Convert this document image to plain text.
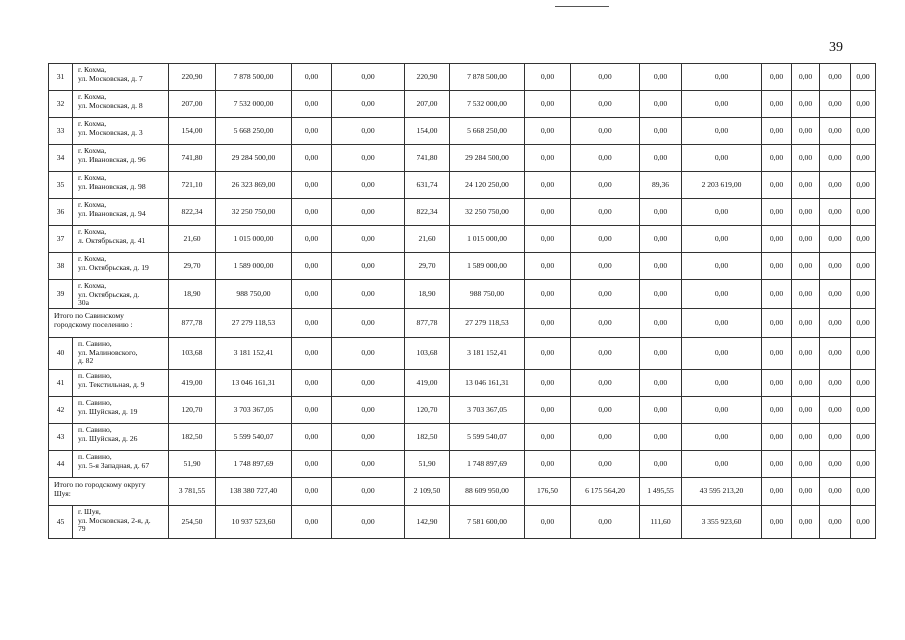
39
31	г. Кохма,
ул. Московская, д. 7	220,90	7 878 500,00	0,00	0,00	220,90	7 878 500,00	0,00	0,00	0,00	0,00	0,00	0,00	0,00	0,00
32	г. Кохма,
ул. Московская, д. 8	207,00	7 532 000,00	0,00	0,00	207,00	7 532 000,00	0,00	0,00	0,00	0,00	0,00	0,00	0,00	0,00
33	г. Кохма,
ул. Московская, д. 3	154,00	5 668 250,00	0,00	0,00	154,00	5 668 250,00	0,00	0,00	0,00	0,00	0,00	0,00	0,00	0,00
34	г. Кохма,
ул. Ивановская, д. 96	741,80	29 284 500,00	0,00	0,00	741,80	29 284 500,00	0,00	0,00	0,00	0,00	0,00	0,00	0,00	0,00
35	г. Кохма,
ул. Ивановская, д. 98	721,10	26 323 869,00	0,00	0,00	631,74	24 120 250,00	0,00	0,00	89,36	2 203 619,00	0,00	0,00	0,00	0,00
36	г. Кохма,
ул. Ивановская, д. 94	822,34	32 250 750,00	0,00	0,00	822,34	32 250 750,00	0,00	0,00	0,00	0,00	0,00	0,00	0,00	0,00
37	г. Кохма,
л. Октябрьская, д. 41	21,60	1 015 000,00	0,00	0,00	21,60	1 015 000,00	0,00	0,00	0,00	0,00	0,00	0,00	0,00	0,00
38	г. Кохма,
ул. Октябрьская, д. 19	29,70	1 589 000,00	0,00	0,00	29,70	1 589 000,00	0,00	0,00	0,00	0,00	0,00	0,00	0,00	0,00
39	г. Кохма,
ул. Октябрьская, д.
30а	18,90	988 750,00	0,00	0,00	18,90	988 750,00	0,00	0,00	0,00	0,00	0,00	0,00	0,00	0,00

Итого по Савинскому
городскому поселению :		877,78	27 279 118,53	0,00	0,00	877,78	27 279 118,53	0,00	0,00	0,00	0,00	0,00	0,00	0,00	0,00
40	п. Савино,
ул. Малиновского,
д. 82	103,68	3 181 152,41	0,00	0,00	103,68	3 181 152,41	0,00	0,00	0,00	0,00	0,00	0,00	0,00	0,00
41	п. Савино,
ул. Текстильная, д. 9	419,00	13 046 161,31	0,00	0,00	419,00	13 046 161,31	0,00	0,00	0,00	0,00	0,00	0,00	0,00	0,00
42	п. Савино,
ул. Шуйская, д. 19	120,70	3 703 367,05	0,00	0,00	120,70	3 703 367,05	0,00	0,00	0,00	0,00	0,00	0,00	0,00	0,00
43	п. Савино,
ул. Шуйская, д. 26	182,50	5 599 540,07	0,00	0,00	182,50	5 599 540,07	0,00	0,00	0,00	0,00	0,00	0,00	0,00	0,00
44	п. Савино,
ул. 5-я Западная, д. 67	51,90	1 748 897,69	0,00	0,00	51,90	1 748 897,69	0,00	0,00	0,00	0,00	0,00	0,00	0,00	0,00

Итого по городскому округу
Шуя:		3 781,55	138 380 727,40	0,00	0,00	2 109,50	88 609 950,00	176,50	6 175 564,20	1 495,55	43 595 213,20	0,00	0,00	0,00	0,00
45	г. Шуя,
ул. Московская, 2-я, д.
79	254,50	10 937 523,60	0,00	0,00	142,90	7 581 600,00	0,00	0,00	111,60	3 355 923,60	0,00	0,00	0,00	0,00
